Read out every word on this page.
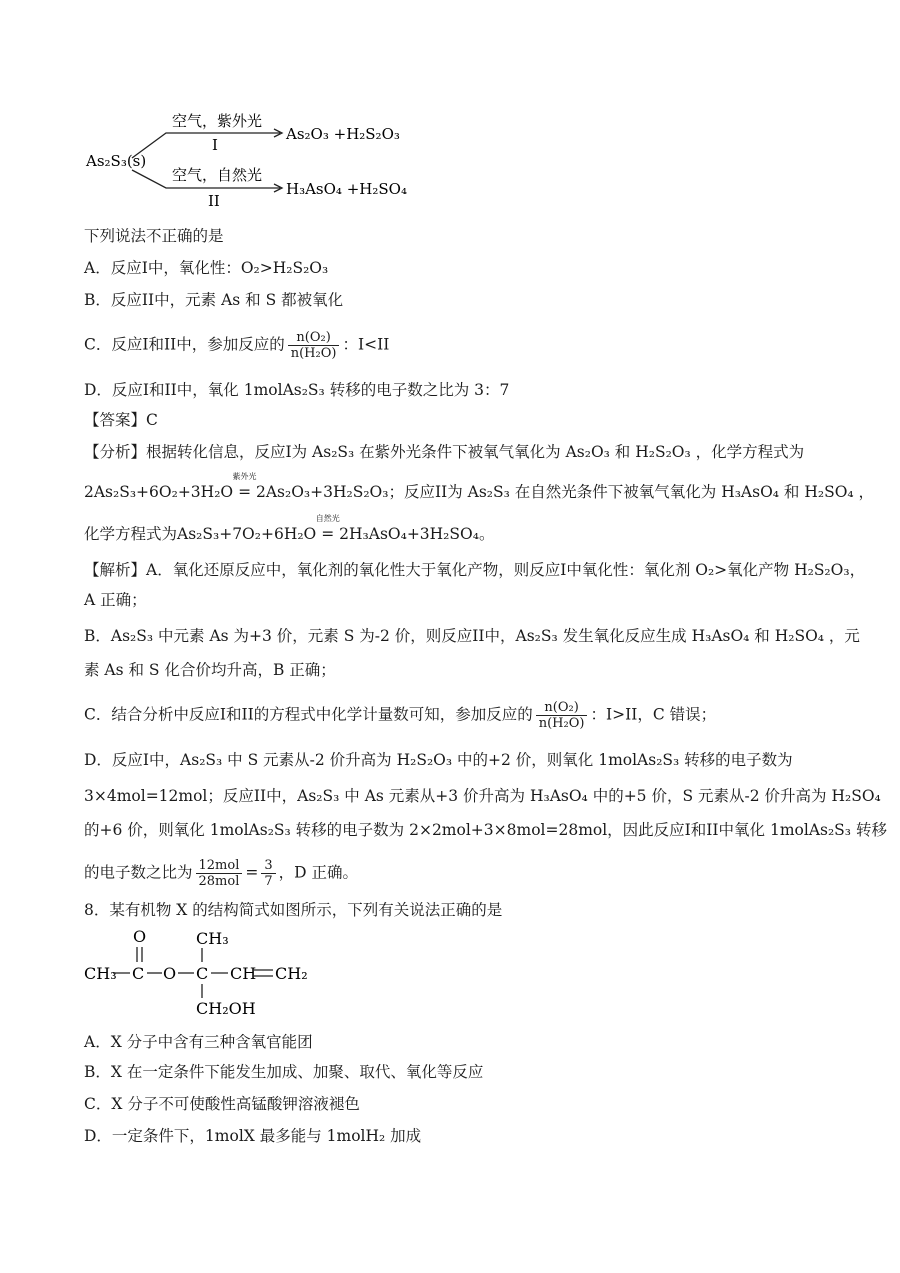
As₂S₃(s)
空气，紫外光
I
As₂O₃ +H₂S₂O₃
空气，自然光
II
H₃AsO₄ +H₂SO₄
下列说法不正确的是
A．反应I中，氧化性：O₂>H₂S₂O₃
B．反应II中，元素 As 和 S 都被氧化
C．反应I和II中，参加反应的 $\frac{\text{n(O₂)}}{\text{n(H₂O)}}$ ：I<II
D．反应I和II中，氧化 1molAs₂S₃ 转移的电子数之比为 3：7
【答案】C
【分析】根据转化信息，反应I为 As₂S₃ 在紫外光条件下被氧气氧化为 As₂O₃ 和 H₂S₂O₃ ，化学方程式为
2As₂S₃+6O₂+3H₂O
紫外光
= 2As₂O₃+3H₂S₂O₃；反应II为 As₂S₃ 在自然光条件下被氧气氧化为 H₃AsO₄ 和 H₂SO₄ ，
化学方程式为As₂S₃+7O₂+6H₂O
自然光
= 2H₃AsO₄+3H₂SO₄。
【解析】A．氧化还原反应中，氧化剂的氧化性大于氧化产物，则反应I中氧化性：氧化剂 O₂>氧化产物 H₂S₂O₃，
A 正确；
B．As₂S₃ 中元素 As 为+3 价，元素 S 为-2 价，则反应II中，As₂S₃ 发生氧化反应生成 H₃AsO₄ 和 H₂SO₄ ，元
素 As 和 S 化合价均升高，B 正确；
C．结合分析中反应I和II的方程式中化学计量数可知，参加反应的 $\frac{\text{n(O₂)}}{\text{n(H₂O)}}$ ：I>II，C 错误；
D．反应I中，As₂S₃ 中 S 元素从-2 价升高为 H₂S₂O₃ 中的+2 价，则氧化 1molAs₂S₃ 转移的电子数为
3×4mol=12mol；反应II中，As₂S₃ 中 As 元素从+3 价升高为 H₃AsO₄ 中的+5 价，S 元素从-2 价升高为 H₂SO₄
的+6 价，则氧化 1molAs₂S₃ 转移的电子数为 2×2mol+3×8mol=28mol，因此反应I和II中氧化 1molAs₂S₃ 转移
的电子数之比为 $\frac{\text{12mol}}{\text{28mol}} = \frac{3}{7}$ ，D 正确。
8．某有机物 X 的结构简式如图所示，下列有关说法正确的是
CH₃ C
O
O C
CH₃
CH CH₂
CH₂OH
A．X 分子中含有三种含氧官能团
B．X 在一定条件下能发生加成、加聚、取代、氧化等反应
C．X 分子不可使酸性高锰酸钾溶液褪色
D．一定条件下，1molX 最多能与 1molH₂ 加成
